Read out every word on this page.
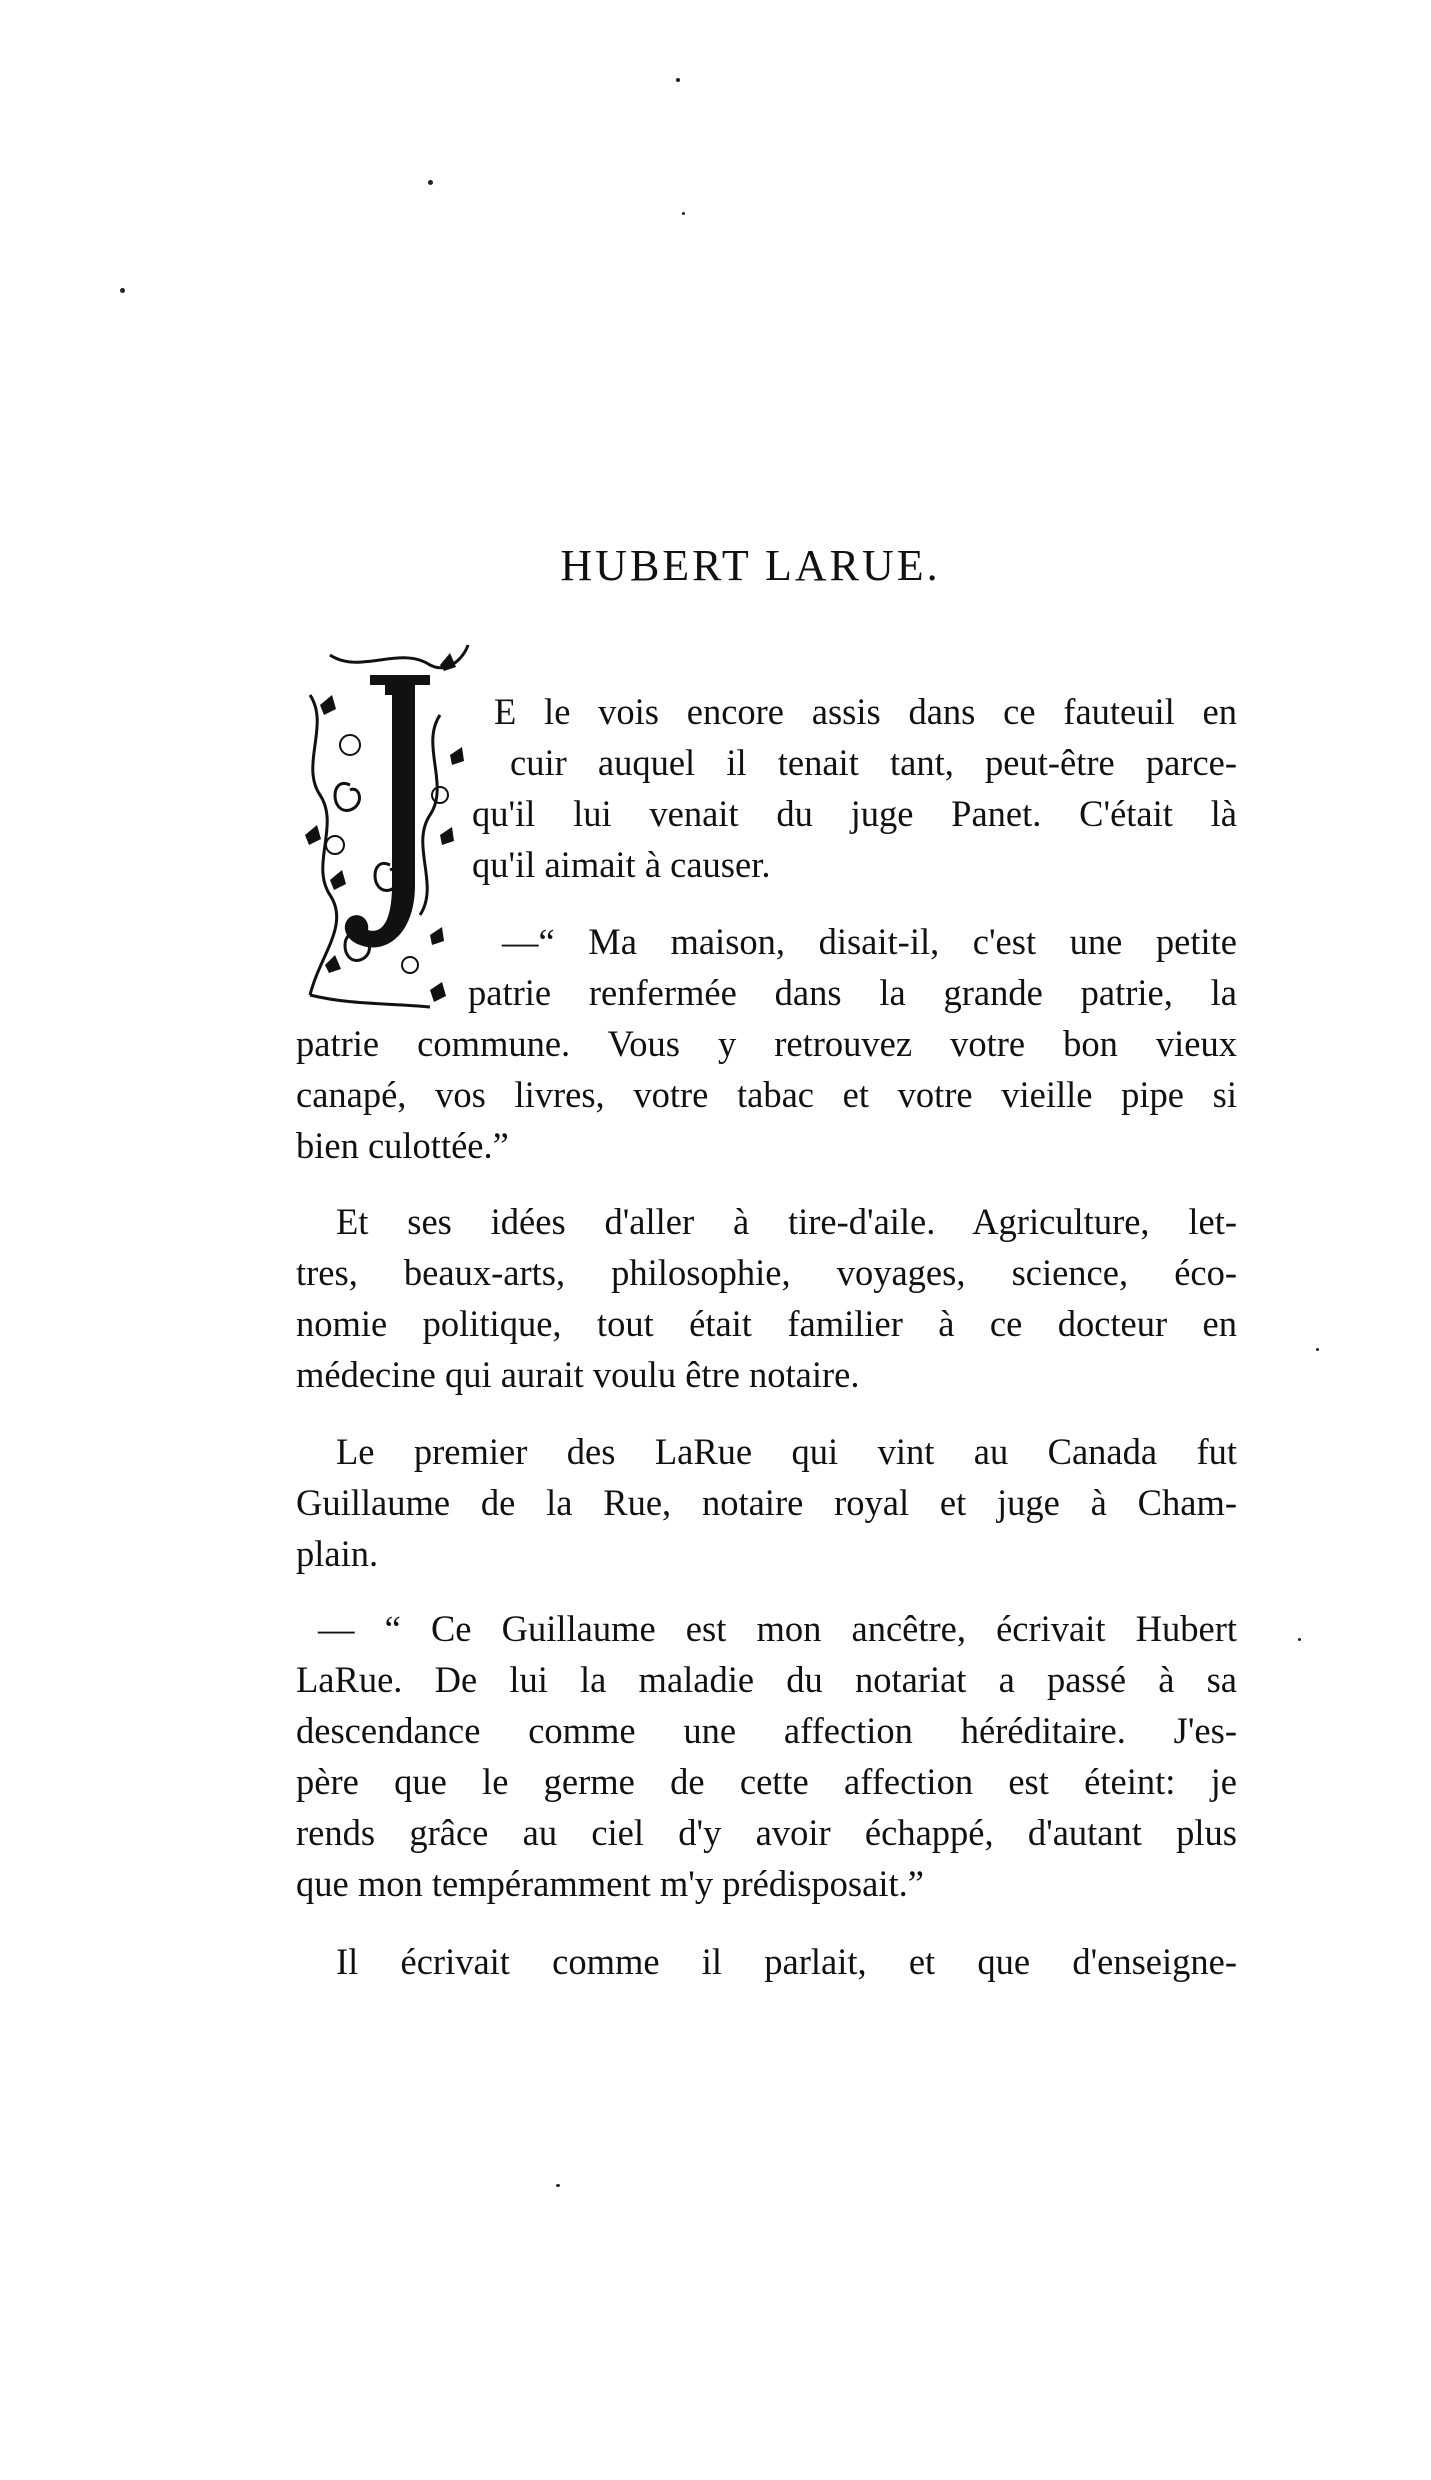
HUBERT LARUE.
E le vois encore assis dans ce fauteuil en
cuir auquel il tenait tant, peut-être parce-
qu'il lui venait du juge Panet. C'était là
qu'il aimait à causer.
—“ Ma maison, disait-il, c'est une petite
patrie renfermée dans la grande patrie, la
patrie commune. Vous y retrouvez votre bon vieux
canapé, vos livres, votre tabac et votre vieille pipe si
bien culottée.”
Et ses idées d'aller à tire-d'aile. Agriculture, let-
tres, beaux-arts, philosophie, voyages, science, éco-
nomie politique, tout était familier à ce docteur en
médecine qui aurait voulu être notaire.
Le premier des LaRue qui vint au Canada fut
Guillaume de la Rue, notaire royal et juge à Cham-
plain.
— “ Ce Guillaume est mon ancêtre, écrivait Hubert
LaRue. De lui la maladie du notariat a passé à sa
descendance comme une affection héréditaire. J'es-
père que le germe de cette affection est éteint: je
rends grâce au ciel d'y avoir échappé, d'autant plus
que mon tempéramment m'y prédisposait.”
Il écrivait comme il parlait, et que d'enseigne-
